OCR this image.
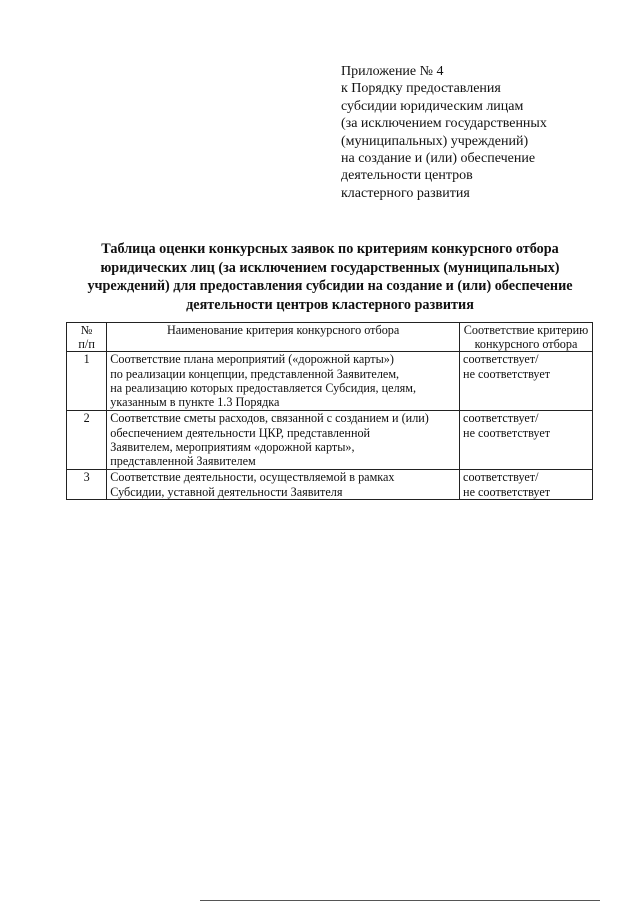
Приложение № 4
к Порядку предоставления
субсидии юридическим лицам
(за исключением государственных
(муниципальных) учреждений)
на создание и (или) обеспечение
деятельности центров
кластерного развития
Таблица оценки конкурсных заявок по критериям конкурсного отбора
юридических лиц (за исключением государственных (муниципальных)
учреждений) для предоставления субсидии на создание и (или) обеспечение
деятельности центров кластерного развития
№
п/п	Наименование критерия конкурсного отбора	Соответствие критерию
конкурсного отбора

1	Соответствие плана мероприятий («дорожной карты»)
по реализации концепции, представленной Заявителем,
на реализацию которых предоставляется Субсидия, целям,
указанным в пункте 1.3 Порядка	соответствует/
не соответствует

2	Соответствие сметы расходов, связанной с созданием и (или)
обеспечением деятельности ЦКР, представленной
Заявителем, мероприятиям «дорожной карты»,
представленной Заявителем	соответствует/
не соответствует

3	Соответствие деятельности, осуществляемой в рамках
Субсидии, уставной деятельности Заявителя	соответствует/
не соответствует
